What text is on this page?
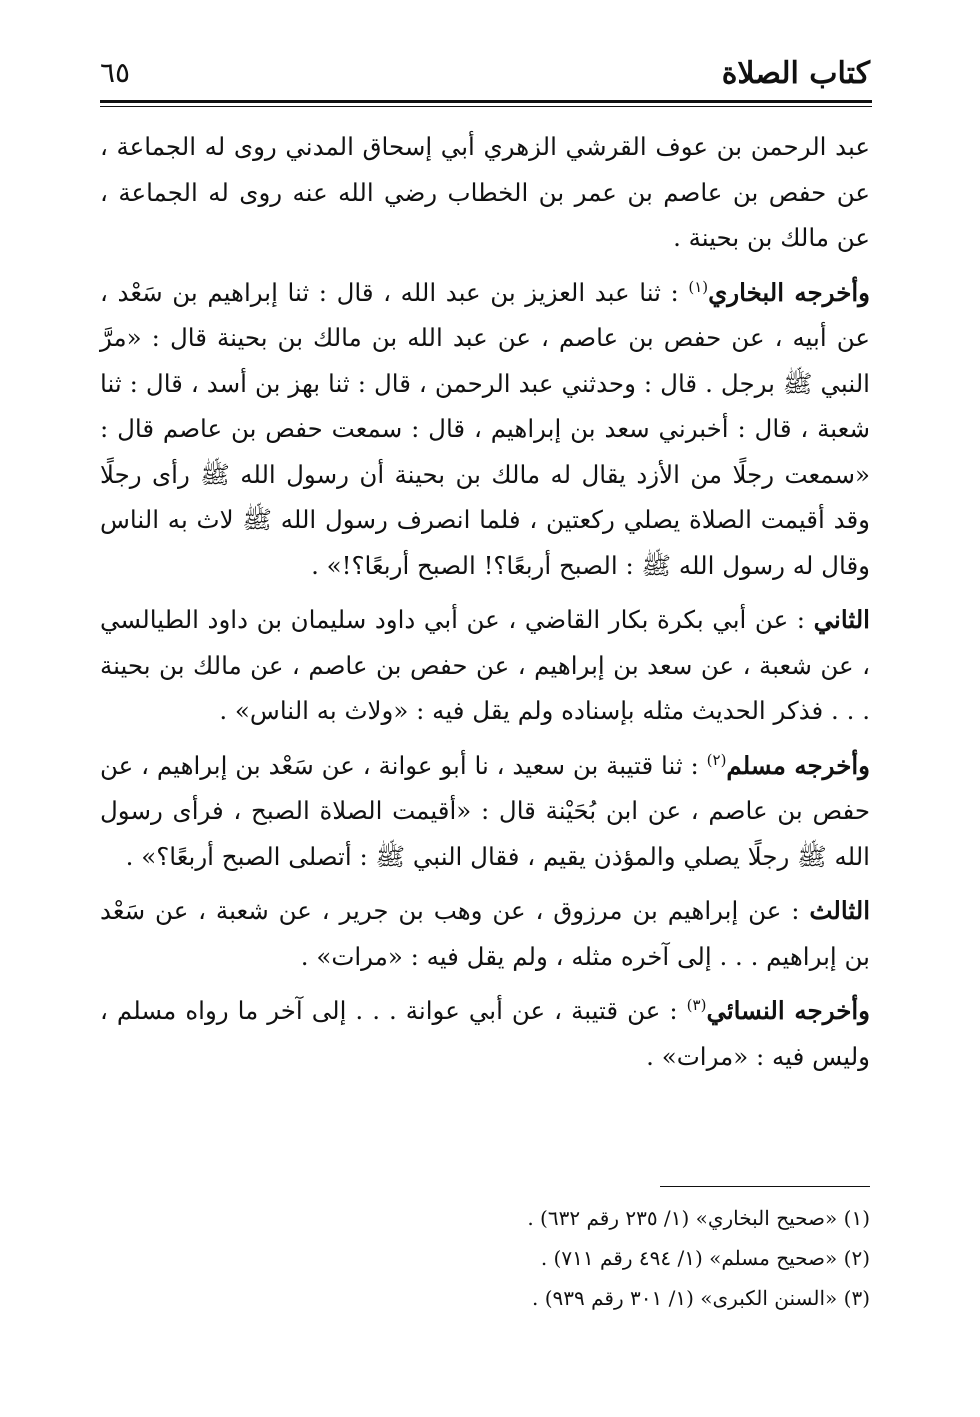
كتاب الصلاة
٦٥

عبد الرحمن بن عوف القرشي الزهري أبي إسحاق المدني روى له الجماعة ، عن حفص بن عاصم بن عمر بن الخطاب رضي الله عنه روى له الجماعة ، عن مالك بن بحينة .

وأخرجه البخاري$^{(١)}$ : ثنا عبد العزيز بن عبد الله ، قال : ثنا إبراهيم بن سَعْد ، عن أبيه ، عن حفص بن عاصم ، عن عبد الله بن مالك بن بحينة قال : «مرَّ النبي ﷺ برجل . قال : وحدثني عبد الرحمن ، قال : ثنا بهز بن أسد ، قال : ثنا شعبة ، قال : أخبرني سعد بن إبراهيم ، قال : سمعت حفص بن عاصم قال : «سمعت رجلًا من الأزد يقال له مالك بن بحينة أن رسول الله ﷺ رأى رجلًا وقد أقيمت الصلاة يصلي ركعتين ، فلما انصرف رسول الله ﷺ لاث به الناس وقال له رسول الله ﷺ : الصبح أربعًا؟! الصبح أربعًا؟!» .

الثاني : عن أبي بكرة بكار القاضي ، عن أبي داود سليمان بن داود الطيالسي ، عن شعبة ، عن سعد بن إبراهيم ، عن حفص بن عاصم ، عن مالك بن بحينة . . . فذكر الحديث مثله بإسناده ولم يقل فيه : «ولاث به الناس» .

وأخرجه مسلم$^{(٢)}$ : ثنا قتيبة بن سعيد ، نا أبو عوانة ، عن سَعْد بن إبراهيم ، عن حفص بن عاصم ، عن ابن بُحَيْنة قال : «أقيمت الصلاة الصبح ، فرأى رسول الله ﷺ رجلًا يصلي والمؤذن يقيم ، فقال النبي ﷺ : أتصلى الصبح أربعًا؟» .

الثالث : عن إبراهيم بن مرزوق ، عن وهب بن جرير ، عن شعبة ، عن سَعْد بن إبراهيم . . . إلى آخره مثله ، ولم يقل فيه : «مرات» .

وأخرجه النسائي$^{(٣)}$ : عن قتيبة ، عن أبي عوانة . . . إلى آخر ما رواه مسلم ، وليس فيه : «مرات» .

(١) «صحيح البخاري» (١/ ٢٣٥ رقم ٦٣٢) .
(٢) «صحيح مسلم» (١/ ٤٩٤ رقم ٧١١) .
(٣) «السنن الكبرى» (١/ ٣٠١ رقم ٩٣٩) .
